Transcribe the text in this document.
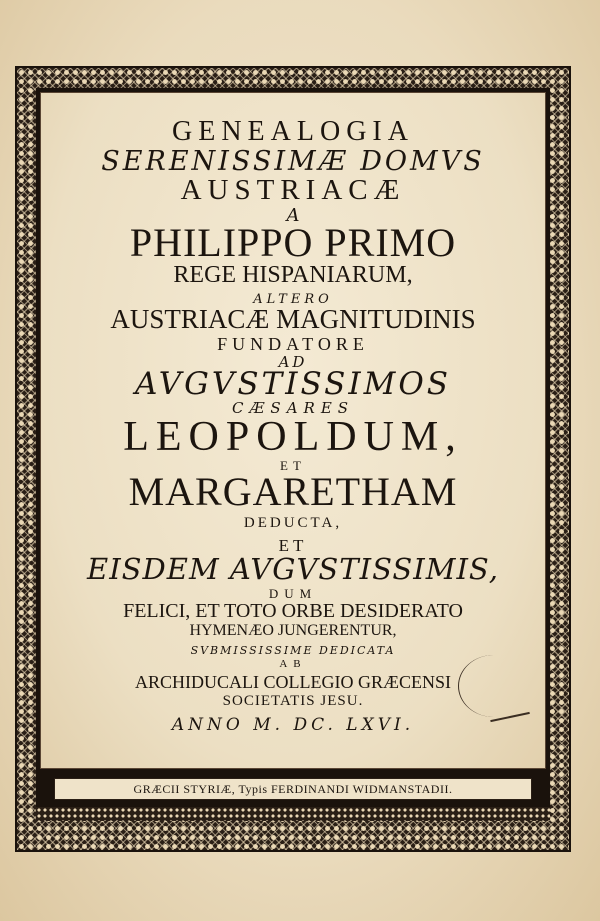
GRÆCII STYRIÆ, Typis FERDINANDI WIDMANSTADII.
GENEALOGIA
SERENISSIMÆ DOMVS
AUSTRIACÆ
A
PHILIPPO PRIMO
REGE HISPANIARUM,
ALTERO
AUSTRIACÆ MAGNITUDINIS
FUNDATORE
AD
AVGVSTISSIMOS
CÆSARES
LEOPOLDUM,
ET
MARGARETHAM
DEDUCTA,
ET
EISDEM AVGVSTISSIMIS,
DUM
FELICI, ET TOTO ORBE DESIDERATO
HYMENÆO JUNGERENTUR,
SVBMISSISSIME DEDICATA
AB
ARCHIDUCALI COLLEGIO GRÆCENSI
SOCIETATIS JESU.
ANNO M. DC. LXVI.
